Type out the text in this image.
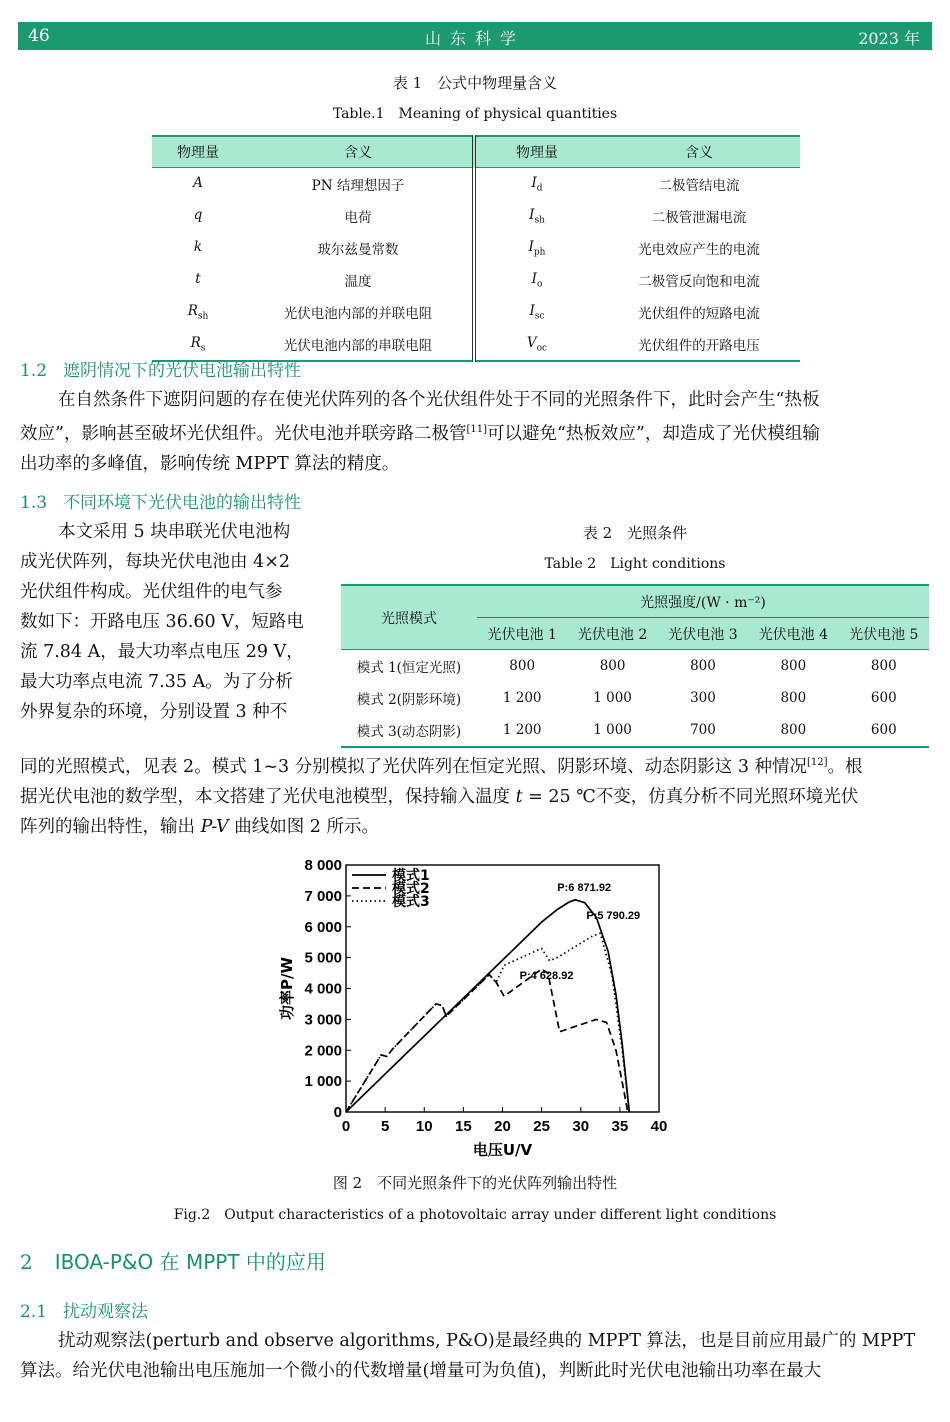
46	山东科学	2023 年
表 1　公式中物理量含义
Table.1　Meaning of physical quantities
物理量	含义	物理量	含义
A	PN 结理想因子	$I_d$	二极管结电流
q	电荷	$I_{sh}$	二极管泄漏电流
k	玻尔兹曼常数	$I_{ph}$	光电效应产生的电流
t	温度	$I_o$	二极管反向饱和电流
$R_{sh}$	光伏电池内部的并联电阻	$I_{sc}$	光伏组件的短路电流
$R_s$	光伏电池内部的串联电阻	$V_{oc}$	光伏组件的开路电压
1.2 遮阴情况下的光伏电池输出特性
在自然条件下遮阴问题的存在使光伏阵列的各个光伏组件处于不同的光照条件下，此时会产生“热板
效应”，影响甚至破坏光伏组件。光伏电池并联旁路二极管[11]可以避免“热板效应”，却造成了光伏模组输
出功率的多峰值，影响传统 MPPT 算法的精度。
1.3 不同环境下光伏电池的输出特性
本文采用 5 块串联光伏电池构
成光伏阵列，每块光伏电池由 4×2
光伏组件构成。光伏组件的电气参
数如下：开路电压 36.60 V，短路电
流 7.84 A，最大功率点电压 29 V，
最大功率点电流 7.35 A。为了分析
外界复杂的环境，分别设置 3 种不
同的光照模式，见表 2。模式 1~3 分别模拟了光伏阵列在恒定光照、阴影环境、动态阴影这 3 种情况[12]。根
据光伏电池的数学型，本文搭建了光伏电池模型，保持输入温度 t = 25 ℃不变，仿真分析不同光照环境光伏
阵列的输出特性，输出 P-V 曲线如图 2 所示。
表 2　光照条件
Table 2　Light conditions
光照模式	光照强度/(W · m⁻²)				
	光伏电池 1	光伏电池 2	光伏电池 3	光伏电池 4	光伏电池 5
模式 1(恒定光照)	800	800	800	800	800
模式 2(阴影环境)	1 200	1 000	300	800	600
模式 3(动态阴影)	1 200	1 000	700	800	600
0 5 10 15 20 25 30 35 40
0
1 000
2 000
3 000
4 000
5 000
6 000
7 000
8 000
模式1
模式2
模式3
P:6 871.92
P:5 790.29
P:4 628.92
电压U/V
功率P/W
图 2　不同光照条件下的光伏阵列输出特性
Fig.2　Output characteristics of a photovoltaic array under different light conditions
2 IBOA-P&O 在 MPPT 中的应用
2.1 扰动观察法
扰动观察法(perturb and observe algorithms, P&O)是最经典的 MPPT 算法，也是目前应用最广的 MPPT
算法。给光伏电池输出电压施加一个微小的代数增量(增量可为负值)，判断此时光伏电池输出功率在最大
